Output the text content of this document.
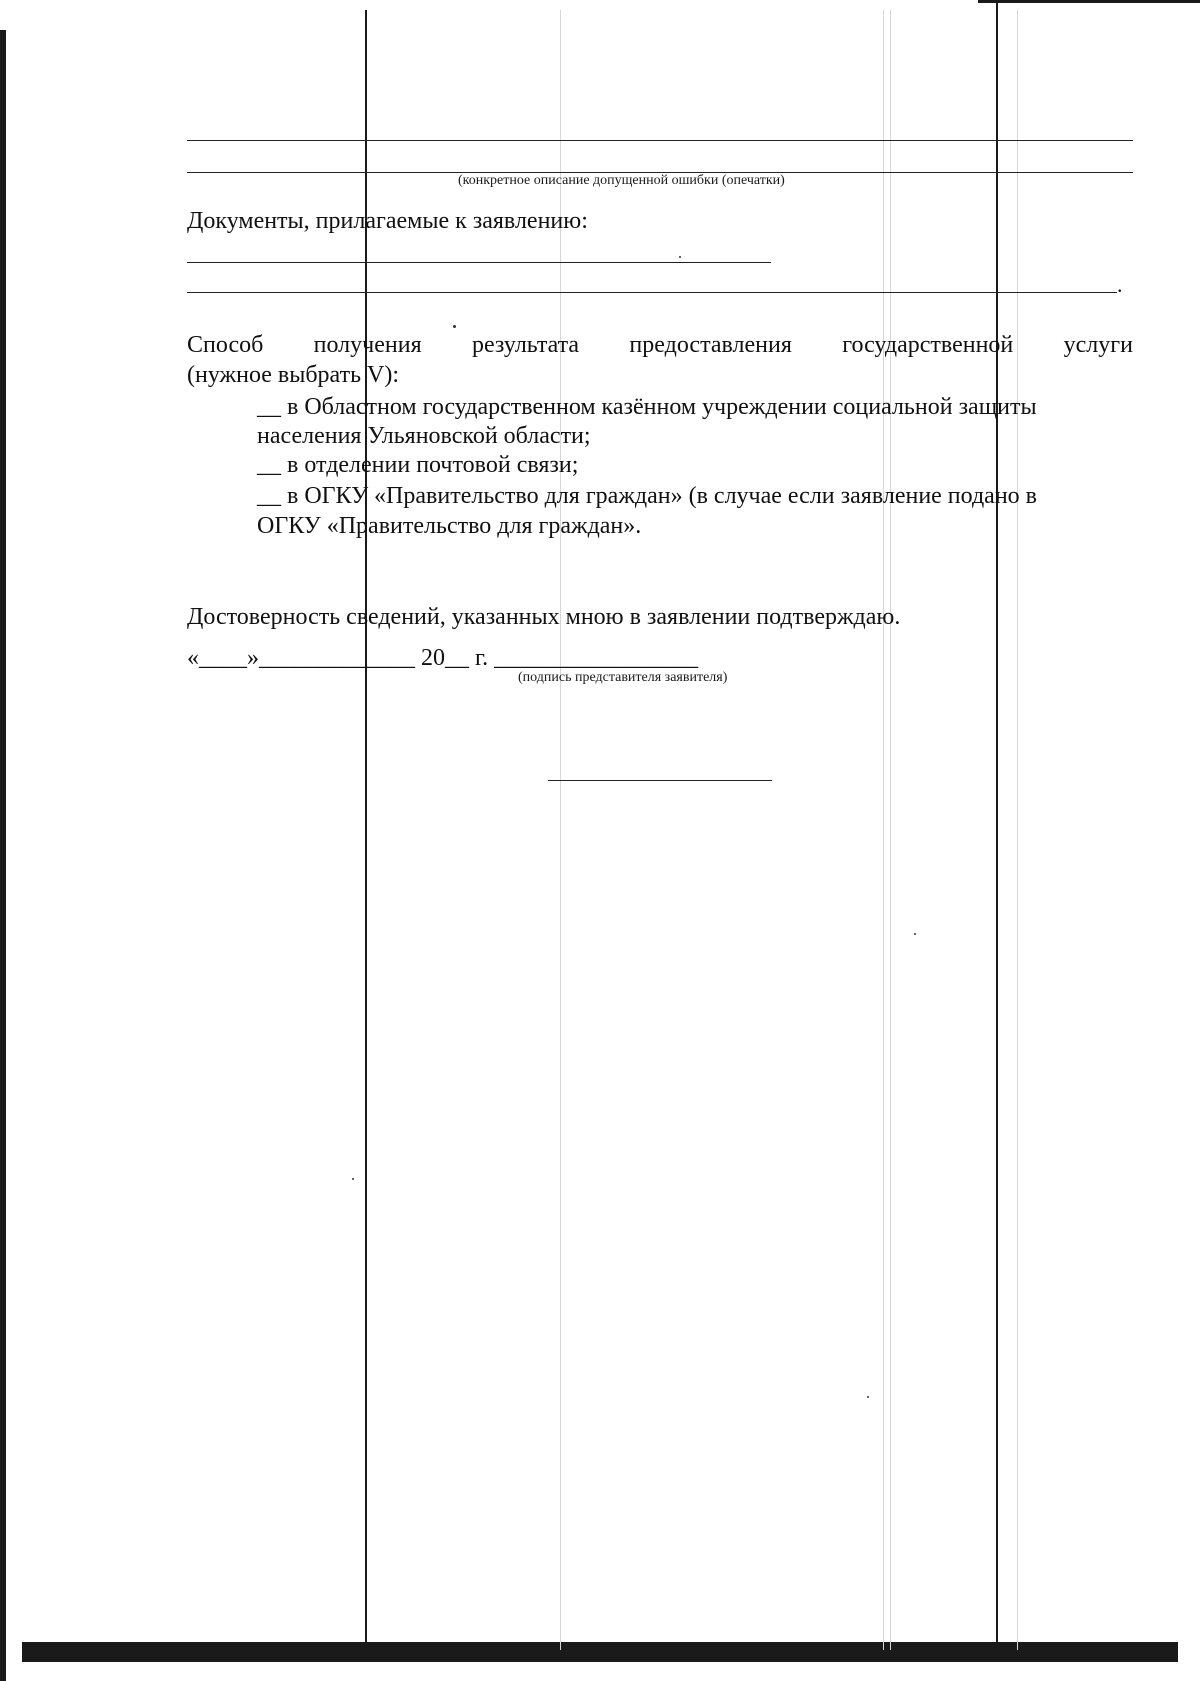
(конкретное описание допущенной ошибки (опечатки)
Документы, прилагаемые к заявлению:
.
Способ получения результата предоставления государственной услуги
(нужное выбрать V):
__ в Областном государственном казённом учреждении социальной защиты
населения Ульяновской области;
__ в отделении почтовой связи;
__ в ОГКУ «Правительство для граждан» (в случае если заявление подано в
ОГКУ «Правительство для граждан».
Достоверность сведений, указанных мною в заявлении подтверждаю.
«____»_____________ 20__ г. _________________
(подпись представителя заявителя)
